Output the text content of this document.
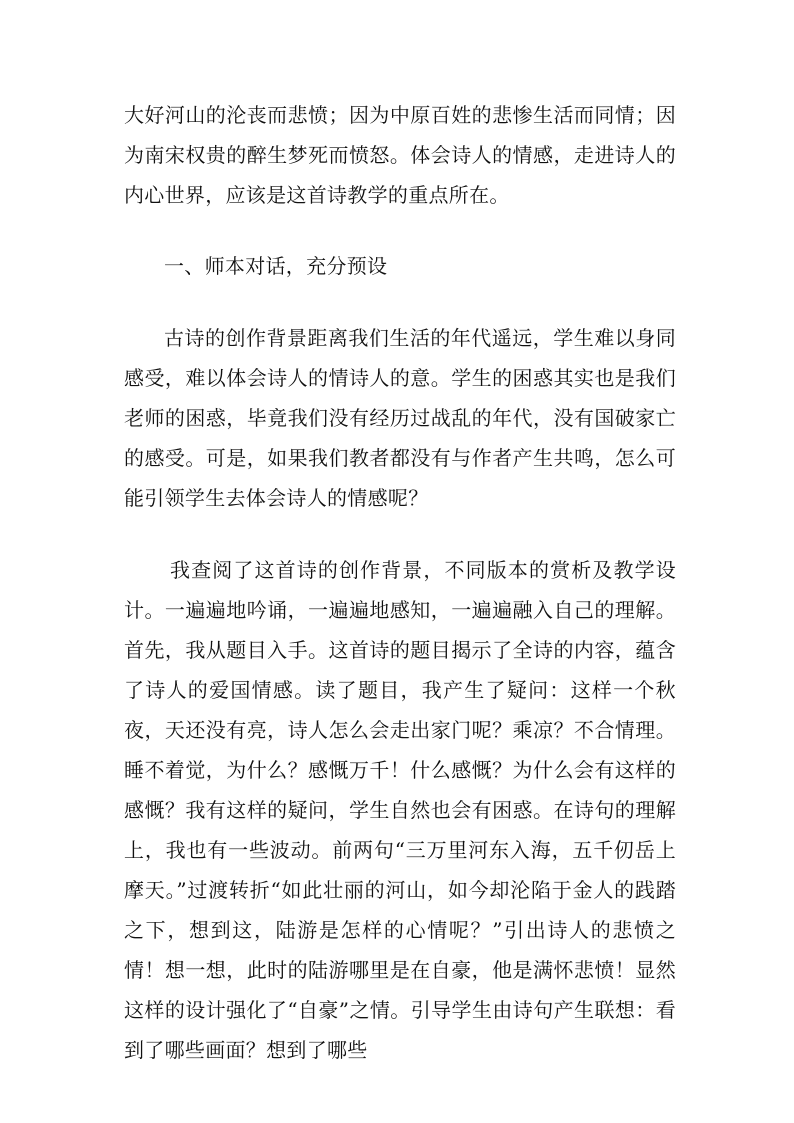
大好河山的沦丧而悲愤；因为中原百姓的悲惨生活而同情；因为南宋权贵的醉生梦死而愤怒。体会诗人的情感，走进诗人的内心世界，应该是这首诗教学的重点所在。

一、师本对话，充分预设

古诗的创作背景距离我们生活的年代遥远，学生难以身同感受，难以体会诗人的情诗人的意。学生的困惑其实也是我们老师的困惑，毕竟我们没有经历过战乱的年代，没有国破家亡的感受。可是，如果我们教者都没有与作者产生共鸣，怎么可能引领学生去体会诗人的情感呢？

我查阅了这首诗的创作背景，不同版本的赏析及教学设计。一遍遍地吟诵，一遍遍地感知，一遍遍融入自己的理解。首先，我从题目入手。这首诗的题目揭示了全诗的内容，蕴含了诗人的爱国情感。读了题目，我产生了疑问：这样一个秋夜，天还没有亮，诗人怎么会走出家门呢？乘凉？不合情理。睡不着觉，为什么？感慨万千！什么感慨？为什么会有这样的感慨？我有这样的疑问，学生自然也会有困惑。在诗句的理解上，我也有一些波动。前两句“三万里河东入海，五千仞岳上摩天。”过渡转折“如此壮丽的河山，如今却沦陷于金人的践踏之下，想到这，陆游是怎样的心情呢？”引出诗人的悲愤之情！想一想，此时的陆游哪里是在自豪，他是满怀悲愤！显然这样的设计强化了“自豪”之情。引导学生由诗句产生联想：看到了哪些画面？想到了哪些
